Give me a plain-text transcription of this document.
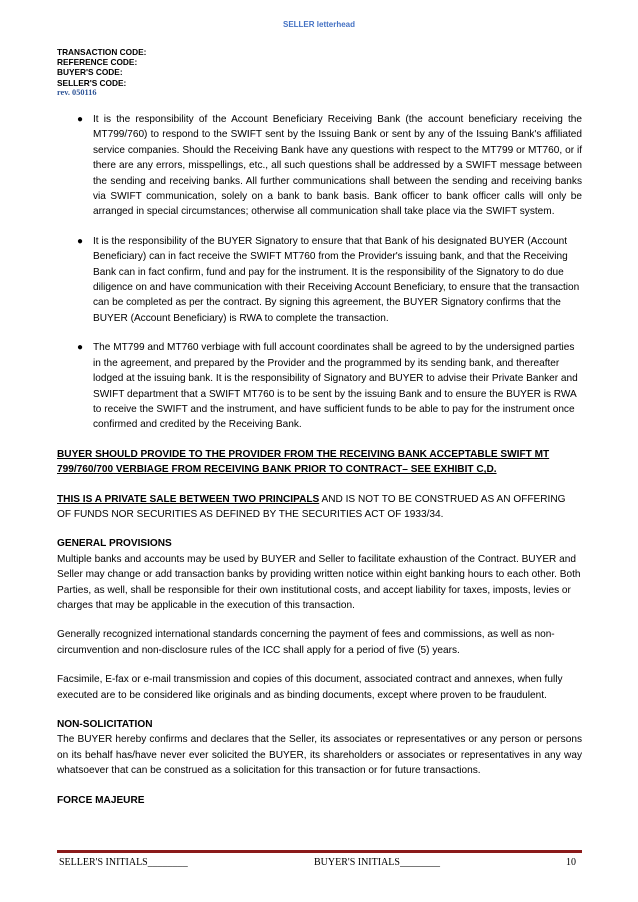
SELLER letterhead
TRANSACTION CODE:
REFERENCE CODE:
BUYER'S CODE:
SELLER'S CODE:
rev. 050116
● It is the responsibility of the Account Beneficiary Receiving Bank (the account beneficiary receiving the MT799/760) to respond to the SWIFT sent by the Issuing Bank or sent by any of the Issuing Bank's affiliated service companies. Should the Receiving Bank have any questions with respect to the MT799 or MT760, or if there are any errors, misspellings, etc., all such questions shall be addressed by a SWIFT message between the sending and receiving banks. All further communications shall between the sending and receiving banks via SWIFT communication, solely on a bank to bank basis. Bank officer to bank officer calls will only be arranged in special circumstances; otherwise all communication shall take place via the SWIFT system.
● It is the responsibility of the BUYER Signatory to ensure that that Bank of his designated BUYER (Account Beneficiary) can in fact receive the SWIFT MT760 from the Provider's issuing bank, and that the Receiving Bank can in fact confirm, fund and pay for the instrument. It is the responsibility of the Signatory to do due diligence on and have communication with their Receiving Account Beneficiary, to ensure that the transaction can be completed as per the contract. By signing this agreement, the BUYER Signatory confirms that the BUYER (Account Beneficiary) is RWA to complete the transaction.
● The MT799 and MT760 verbiage with full account coordinates shall be agreed to by the undersigned parties in the agreement, and prepared by the Provider and the programmed by its sending bank, and thereafter lodged at the issuing bank. It is the responsibility of Signatory and BUYER to advise their Private Banker and SWIFT department that a SWIFT MT760 is to be sent by the issuing Bank and to ensure the BUYER is RWA to receive the SWIFT and the instrument, and have sufficient funds to be able to pay for the instrument once confirmed and credited by the Receiving Bank.

BUYER SHOULD PROVIDE TO THE PROVIDER FROM THE RECEIVING BANK ACCEPTABLE SWIFT MT 799/760/700 VERBIAGE FROM RECEIVING BANK PRIOR TO CONTRACT– SEE EXHIBIT C,D.

THIS IS A PRIVATE SALE BETWEEN TWO PRINCIPALS AND IS NOT TO BE CONSTRUED AS AN OFFERING OF FUNDS NOR SECURITIES AS DEFINED BY THE SECURITIES ACT OF 1933/34.

GENERAL PROVISIONS

Multiple banks and accounts may be used by BUYER and Seller to facilitate exhaustion of the Contract. BUYER and Seller may change or add transaction banks by providing written notice within eight banking hours to each other. Both Parties, as well, shall be responsible for their own institutional costs, and accept liability for taxes, imposts, levies or charges that may be applicable in the execution of this transaction.

Generally recognized international standards concerning the payment of fees and commissions, as well as non-circumvention and non-disclosure rules of the ICC shall apply for a period of five (5) years.

Facsimile, E-fax or e-mail transmission and copies of this document, associated contract and annexes, when fully executed are to be considered like originals and as binding documents, except where proven to be fraudulent.

NON-SOLICITATION

The BUYER hereby confirms and declares that the Seller, its associates or representatives or any person or persons on its behalf has/have never ever solicited the BUYER, its shareholders or associates or representatives in any way whatsoever that can be construed as a solicitation for this transaction or for future transactions.

FORCE MAJEURE
SELLER'S INITIALS________	BUYER'S INITIALS________	10
